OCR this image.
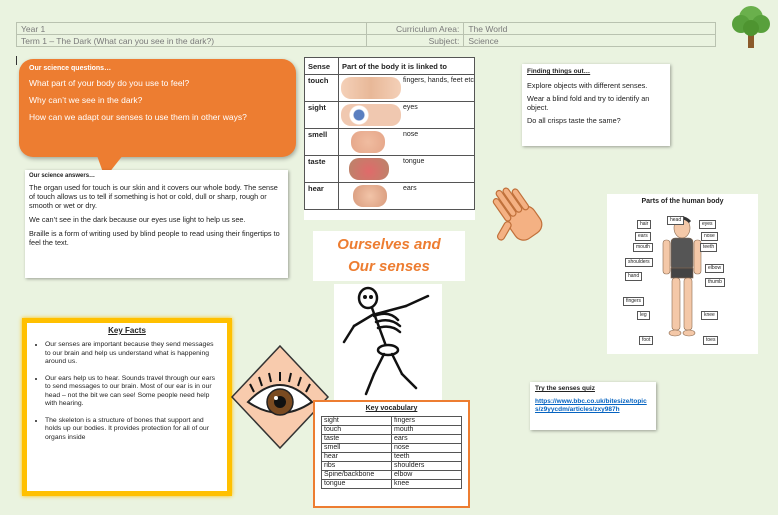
Year 1	Curriculum Area:	The World
Term 1 – The Dark (What can you see in the dark?)	Subject:	Science
Our science questions…
What part of your body do you use to feel?
Why can’t we see in the dark?
How can we adapt our senses to use them in other ways?
Our science answers…

The organ used for touch is our skin and it covers our whole body. The sense of touch allows us to tell if something is hot or cold, dull or sharp, rough or smooth or wet or dry.

We can’t see in the dark because our eyes use light to help us see.

Braille is a form of writing used by blind people to read using their fingertips to feel the text.

Sense	Part of the body it is linked to
touch	fingers, hands, feet etc

sight	eyes

smell	nose

taste	tongue

hear	ears
Finding things out…

Explore objects with different senses.

Wear a blind fold and try to identify an object.

Do all crisps taste the same?

Ourselves and
Our senses
Parts of the human body
hair
head
eyes
ears	nose
mouth	teeth
shoulders
elbow
hand
thumb
fingers
leg	knee
foot	toes
Key Facts
• Our senses are important because they send messages to our brain and help us understand what is happening around us.
• Our ears help us to hear. Sounds travel through our ears to send messages to our brain. Most of our ear is in our head – not the bit we can see! Some people need help with hearing.
• The skeleton is a structure of bones that support and holds up our bodies. It provides protection for all of our organs inside
Key vocabulary
sight	fingers
touch	mouth
taste	ears
smell	nose
hear	teeth
ribs	shoulders
Spine/backbone	elbow
tongue	knee
Try the senses quiz
https://www.bbc.co.uk/bitesize/topics/z9yycdm/articles/zxy987h
